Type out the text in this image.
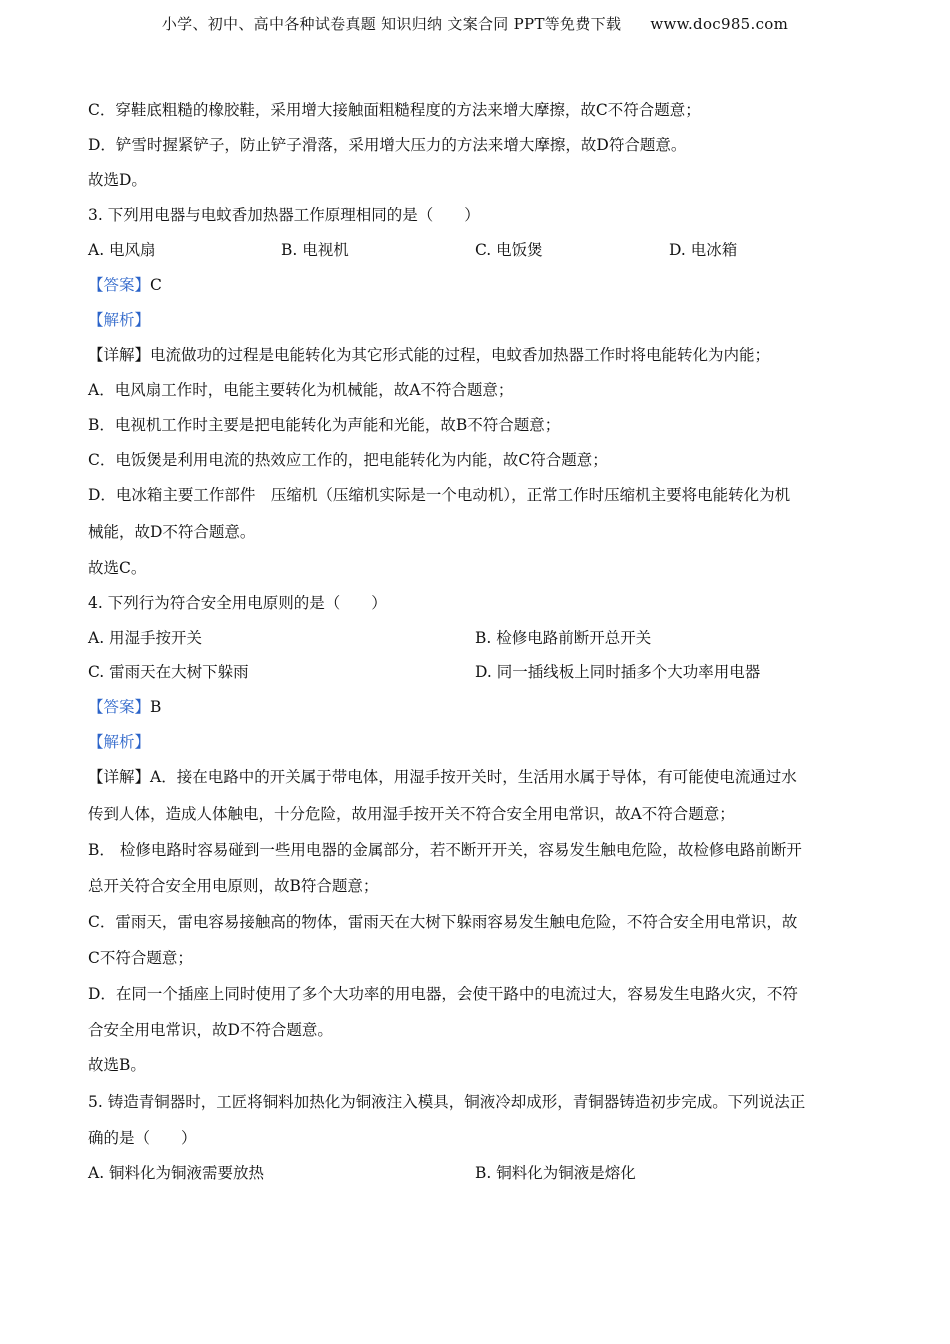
小学、初中、高中各种试卷真题 知识归纳 文案合同 PPT等免费下载 www.doc985.com
C．穿鞋底粗糙的橡胶鞋，采用增大接触面粗糙程度的方法来增大摩擦，故C不符合题意；
D．铲雪时握紧铲子，防止铲子滑落，采用增大压力的方法来增大摩擦，故D符合题意。
故选D。
3. 下列用电器与电蚊香加热器工作原理相同的是（　　）
A. 电风扇	B. 电视机	C. 电饭煲	D. 电冰箱
【答案】C
【解析】
【详解】电流做功的过程是电能转化为其它形式能的过程，电蚊香加热器工作时将电能转化为内能；
A．电风扇工作时，电能主要转化为机械能，故A不符合题意；
B．电视机工作时主要是把电能转化为声能和光能，故B不符合题意；
C．电饭煲是利用电流的热效应工作的，把电能转化为内能，故C符合题意；
D．电冰箱主要工作部件　压缩机（压缩机实际是一个电动机），正常工作时压缩机主要将电能转化为机
械能，故D不符合题意。
故选C。
4. 下列行为符合安全用电原则的是（　　）
A. 用湿手按开关	B. 检修电路前断开总开关
C. 雷雨天在大树下躲雨	D. 同一插线板上同时插多个大功率用电器
【答案】B
【解析】
【详解】A．接在电路中的开关属于带电体，用湿手按开关时，生活用水属于导体，有可能使电流通过水
传到人体，造成人体触电，十分危险，故用湿手按开关不符合安全用电常识，故A不符合题意；
B． 检修电路时容易碰到一些用电器的金属部分，若不断开开关，容易发生触电危险，故检修电路前断开
总开关符合安全用电原则，故B符合题意；
C．雷雨天，雷电容易接触高的物体，雷雨天在大树下躲雨容易发生触电危险，不符合安全用电常识，故
C不符合题意；
D．在同一个插座上同时使用了多个大功率的用电器，会使干路中的电流过大，容易发生电路火灾，不符
合安全用电常识，故D不符合题意。
故选B。
5. 铸造青铜器时，工匠将铜料加热化为铜液注入模具，铜液冷却成形，青铜器铸造初步完成。下列说法正
确的是（　　）
A. 铜料化为铜液需要放热	B. 铜料化为铜液是熔化
